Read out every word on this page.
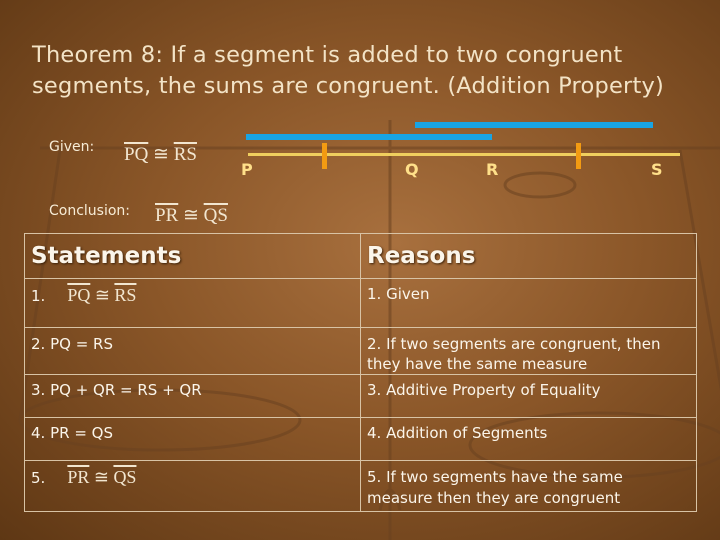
Theorem 8: If a segment is added to two congruent segments, the sums are congruent. (Addition Property)
Given: $\overline{PQ}$ ≅ $\overline{RS}$
Conclusion: $\overline{PR}$ ≅ $\overline{QS}$
P	Q	R	S
Statements	Reasons
1. $\overline{PQ}$ ≅ $\overline{RS}$	1. Given
2. PQ = RS	2. If two segments are congruent, then they have the same measure
3. PQ + QR = RS + QR	3. Additive Property of Equality
4. PR = QS	4. Addition of Segments
5. $\overline{PR}$ ≅ $\overline{QS}$	5. If two segments have the same measure then they are congruent
